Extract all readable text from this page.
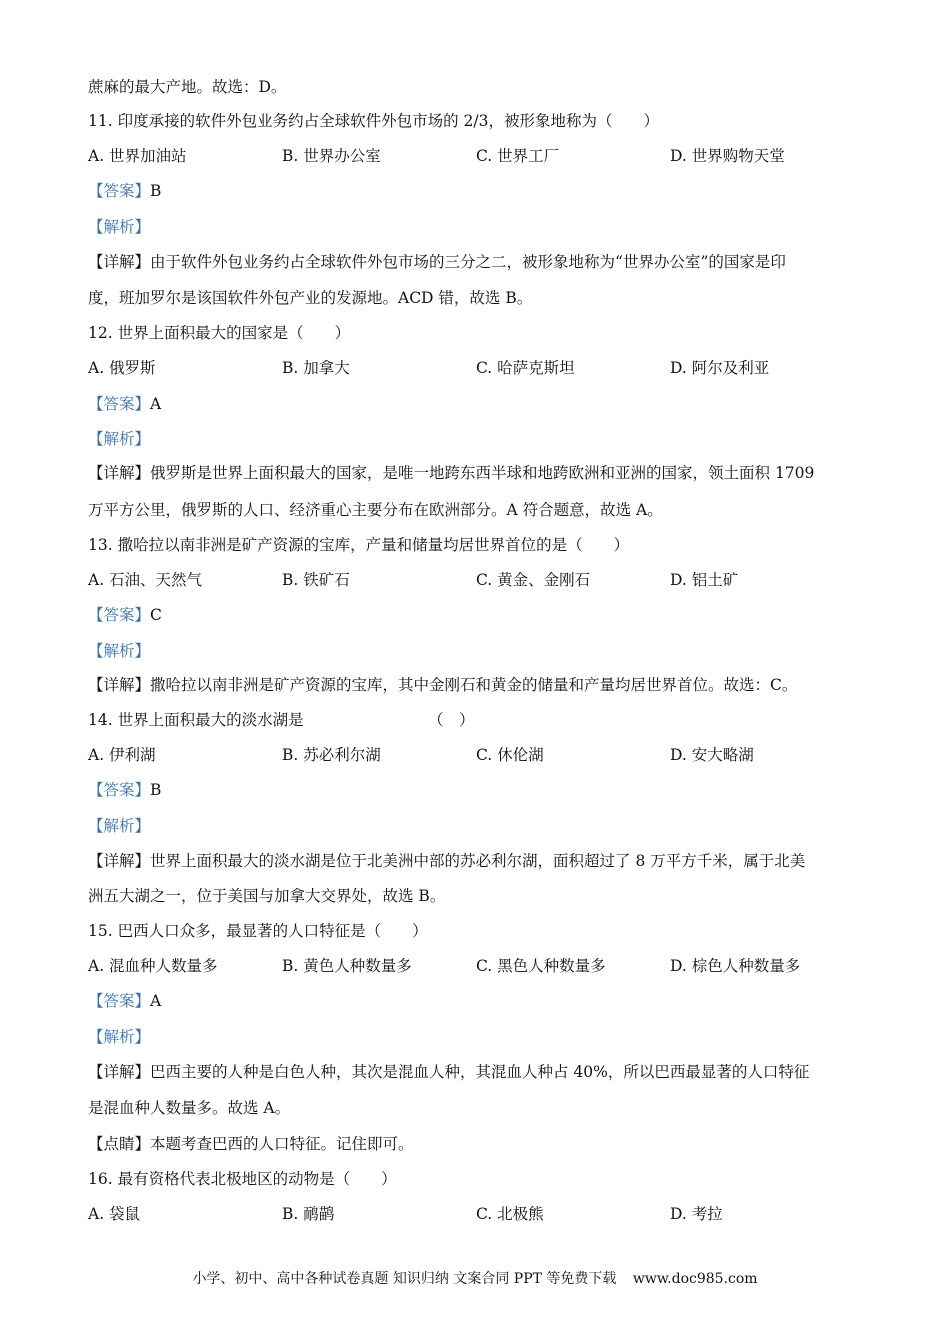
蔗麻的最大产地。故选：D。
11. 印度承接的软件外包业务约占全球软件外包市场的 2/3，被形象地称为（　　）
A. 世界加油站	B. 世界办公室	C. 世界工厂	D. 世界购物天堂
【答案】B
【解析】
【详解】由于软件外包业务约占全球软件外包市场的三分之二，被形象地称为“世界办公室”的国家是印
度，班加罗尔是该国软件外包产业的发源地。ACD 错，故选 B。
12. 世界上面积最大的国家是（　　）
A. 俄罗斯	B. 加拿大	C. 哈萨克斯坦	D. 阿尔及利亚
【答案】A
【解析】
【详解】俄罗斯是世界上面积最大的国家，是唯一地跨东西半球和地跨欧洲和亚洲的国家，领土面积 1709
万平方公里，俄罗斯的人口、经济重心主要分布在欧洲部分。A 符合题意，故选 A。
13. 撒哈拉以南非洲是矿产资源的宝库，产量和储量均居世界首位的是（　　）
A. 石油、天然气	B. 铁矿石	C. 黄金、金刚石	D. 铝土矿
【答案】C
【解析】
【详解】撒哈拉以南非洲是矿产资源的宝库，其中金刚石和黄金的储量和产量均居世界首位。故选：C。
14. 世界上面积最大的淡水湖是	（　）
A. 伊利湖	B. 苏必利尔湖	C. 休伦湖	D. 安大略湖
【答案】B
【解析】
【详解】世界上面积最大的淡水湖是位于北美洲中部的苏必利尔湖，面积超过了 8 万平方千米，属于北美
洲五大湖之一，位于美国与加拿大交界处，故选 B。
15. 巴西人口众多，最显著的人口特征是（　　）
A. 混血种人数量多	B. 黄色人种数量多	C. 黑色人种数量多	D. 棕色人种数量多
【答案】A
【解析】
【详解】巴西主要的人种是白色人种，其次是混血人种，其混血人种占 40%，所以巴西最显著的人口特征
是混血种人数量多。故选 A。
【点睛】本题考查巴西的人口特征。记住即可。
16. 最有资格代表北极地区的动物是（　　）
A. 袋鼠	B. 鸸鹋	C. 北极熊	D. 考拉
小学、初中、高中各种试卷真题 知识归纳 文案合同 PPT 等免费下载 www.doc985.com
